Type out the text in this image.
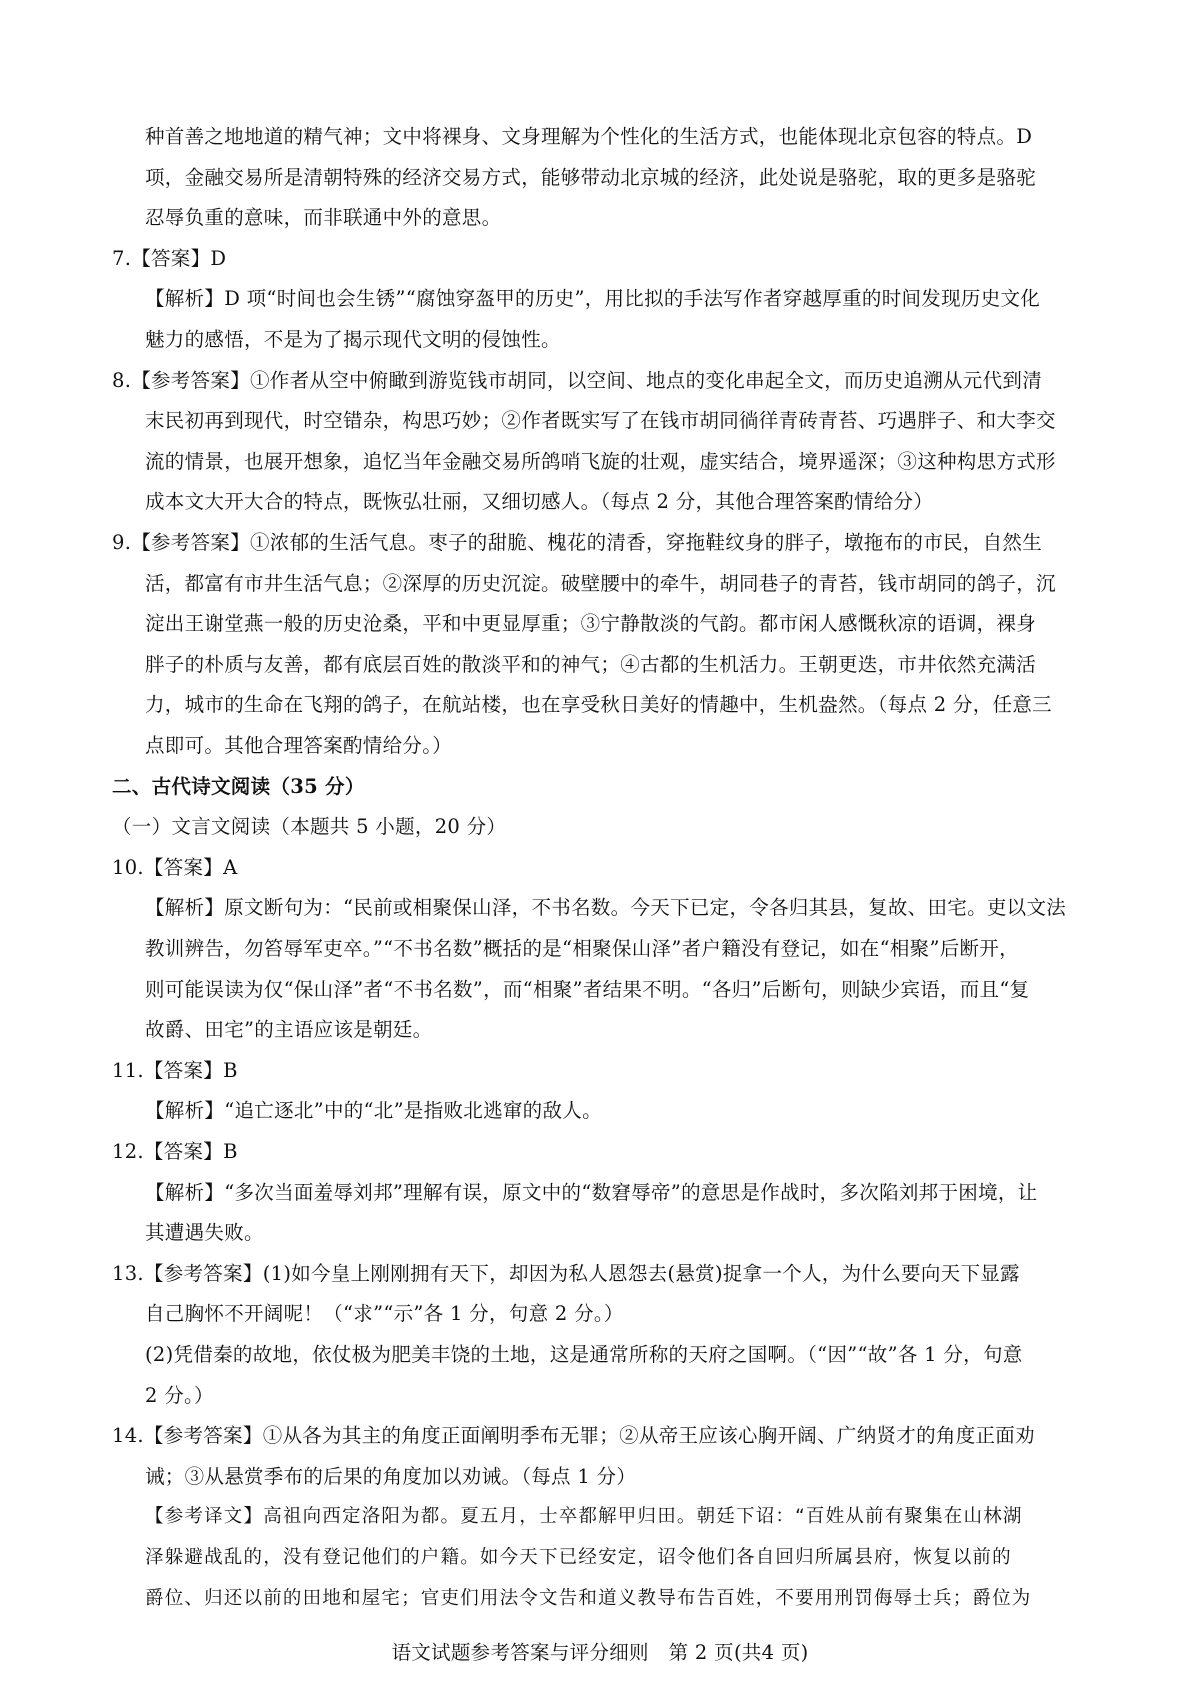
种首善之地地道的精气神；文中将裸身、文身理解为个性化的生活方式，也能体现北京包容的特点。D
项，金融交易所是清朝特殊的经济交易方式，能够带动北京城的经济，此处说是骆驼，取的更多是骆驼
忍辱负重的意味，而非联通中外的意思。
7.【答案】D
【解析】D 项“时间也会生锈”“腐蚀穿盔甲的历史”，用比拟的手法写作者穿越厚重的时间发现历史文化
魅力的感悟，不是为了揭示现代文明的侵蚀性。
8.【参考答案】①作者从空中俯瞰到游览钱市胡同，以空间、地点的变化串起全文，而历史追溯从元代到清
末民初再到现代，时空错杂，构思巧妙；②作者既实写了在钱市胡同徜徉青砖青苔、巧遇胖子、和大李交
流的情景，也展开想象，追忆当年金融交易所鸽哨飞旋的壮观，虚实结合，境界遥深；③这种构思方式形
成本文大开大合的特点，既恢弘壮丽，又细切感人。（每点 2 分，其他合理答案酌情给分）
9.【参考答案】①浓郁的生活气息。枣子的甜脆、槐花的清香，穿拖鞋纹身的胖子，墩拖布的市民，自然生
活，都富有市井生活气息；②深厚的历史沉淀。破壁腰中的牵牛，胡同巷子的青苔，钱市胡同的鸽子，沉
淀出王谢堂燕一般的历史沧桑，平和中更显厚重；③宁静散淡的气韵。都市闲人感慨秋凉的语调，裸身
胖子的朴质与友善，都有底层百姓的散淡平和的神气；④古都的生机活力。王朝更迭，市井依然充满活
力，城市的生命在飞翔的鸽子，在航站楼，也在享受秋日美好的情趣中，生机盎然。（每点 2 分，任意三
点即可。其他合理答案酌情给分。）
二、古代诗文阅读（35 分）
（一）文言文阅读（本题共 5 小题，20 分）
10.【答案】A
【解析】原文断句为：“民前或相聚保山泽，不书名数。今天下已定，令各归其县，复故、田宅。吏以文法
教训辨告，勿笞辱军吏卒。”“不书名数”概括的是“相聚保山泽”者户籍没有登记，如在“相聚”后断开，
则可能误读为仅“保山泽”者“不书名数”，而“相聚”者结果不明。“各归”后断句，则缺少宾语，而且“复
故爵、田宅”的主语应该是朝廷。
11.【答案】B
【解析】“追亡逐北”中的“北”是指败北逃窜的敌人。
12.【答案】B
【解析】“多次当面羞辱刘邦”理解有误，原文中的“数窘辱帝”的意思是作战时，多次陷刘邦于困境，让
其遭遇失败。
13.【参考答案】(1)如今皇上刚刚拥有天下，却因为私人恩怨去(悬赏)捉拿一个人，为什么要向天下显露
自己胸怀不开阔呢！（“求”“示”各 1 分，句意 2 分。）
(2)凭借秦的故地，依仗极为肥美丰饶的土地，这是通常所称的天府之国啊。（“因”“故”各 1 分，句意
2 分。）
14.【参考答案】①从各为其主的角度正面阐明季布无罪；②从帝王应该心胸开阔、广纳贤才的角度正面劝
诫；③从悬赏季布的后果的角度加以劝诫。（每点 1 分）
语文试题参考答案与评分细则　第 2 页(共4 页)
【参考译文】高祖向西定洛阳为都。夏五月，士卒都解甲归田。朝廷下诏：“百姓从前有聚集在山林湖
泽躲避战乱的，没有登记他们的户籍。如今天下已经安定，诏令他们各自回归所属县府，恢复以前的
爵位、归还以前的田地和屋宅；官吏们用法令文告和道义教导布告百姓，不要用刑罚侮辱士兵；爵位为
